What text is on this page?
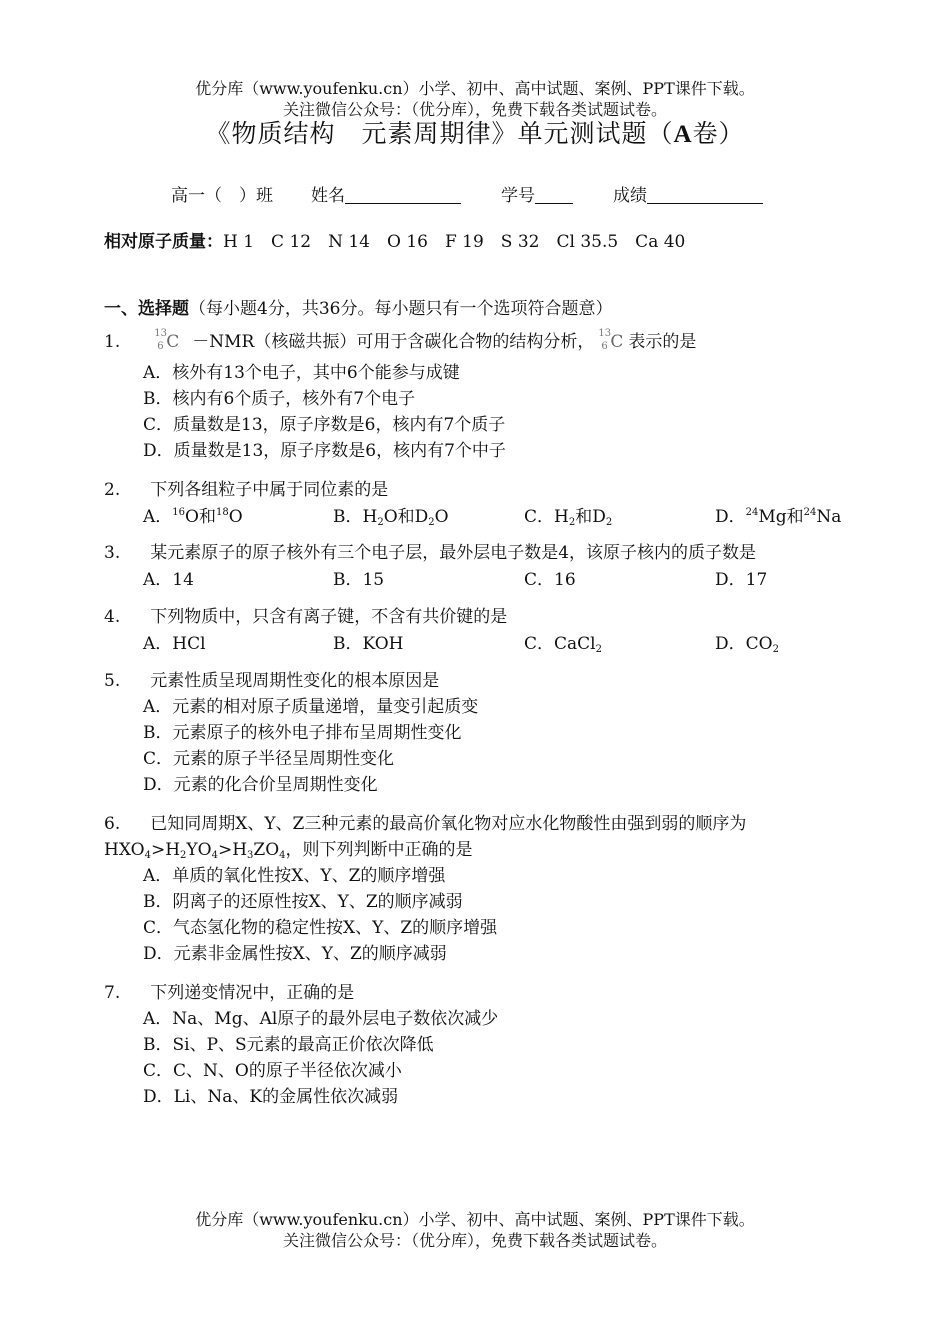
优分库（www.youfenku.cn）小学、初中、高中试题、案例、PPT课件下载。
关注微信公众号：（优分库），免费下载各类试题试卷。
《物质结构　元素周期律》单元测试题（A卷）
高一（　）班 姓名	学号	成绩
相对原子质量：H 1　C 12　N 14　O 16　F 19　S 32　Cl 35.5　Ca 40
一、选择题（每小题4分，共36分。每小题只有一个选项符合题意）
1.	13
6 C －NMR（核磁共振）可用于含碳化合物的结构分析， 13
6 C 表示的是
A．核外有13个电子，其中6个能参与成键
B．核内有6个质子，核外有7个电子
C．质量数是13，原子序数是6，核内有7个质子
D．质量数是13，原子序数是6，核内有7个中子
2. 下列各组粒子中属于同位素的是
A．$^{16}$O和$^{18}$O	B．$H_2O$和$D_2O$	C．$H_2$和$D_2$	D．$^{24}$Mg和$^{24}$Na
3. 某元素原子的原子核外有三个电子层，最外层电子数是4，该原子核内的质子数是
A．14	B．15	C．16	D．17
4. 下列物质中，只含有离子键，不含有共价键的是
A．HCl	B．KOH	C．CaCl$_2$	D．$CO_2$
5. 元素性质呈现周期性变化的根本原因是
A．元素的相对原子质量递增，量变引起质变
B．元素原子的核外电子排布呈周期性变化
C．元素的原子半径呈周期性变化
D．元素的化合价呈周期性变化
6. 已知同周期X、Y、Z三种元素的最高价氧化物对应水化物酸性由强到弱的顺序为
$HXO_4>H_2YO_4>H_3ZO_4$，则下列判断中正确的是
A．单质的氧化性按X、Y、Z的顺序增强
B．阴离子的还原性按X、Y、Z的顺序减弱
C．气态氢化物的稳定性按X、Y、Z的顺序增强
D．元素非金属性按X、Y、Z的顺序减弱
7. 下列递变情况中，正确的是
A．Na、Mg、Al原子的最外层电子数依次减少
B．Si、P、S元素的最高正价依次降低
C．C、N、O的原子半径依次减小
D．Li、Na、K的金属性依次减弱
优分库（www.youfenku.cn）小学、初中、高中试题、案例、PPT课件下载。
关注微信公众号：（优分库），免费下载各类试题试卷。
